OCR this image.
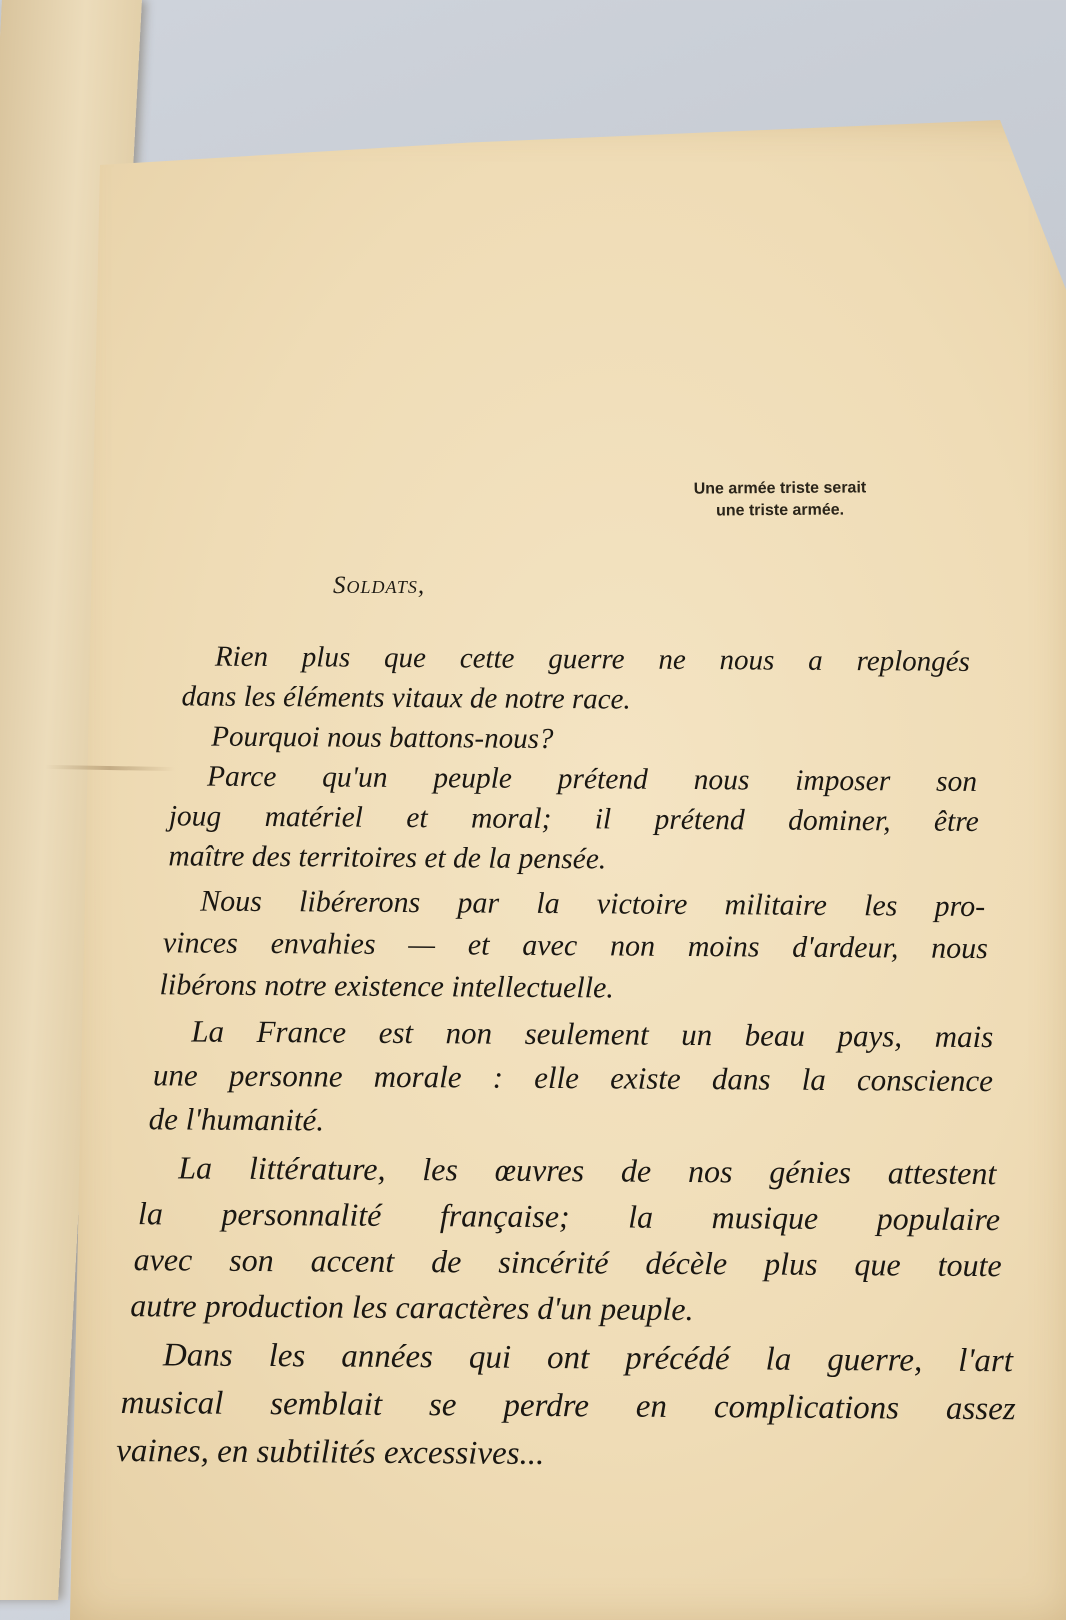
Une armée triste serait
une triste armée.
Soldats,
Rien plus que cette guerre ne nous a replongés
dans les éléments vitaux de notre race.
Pourquoi nous battons-nous?
Parce qu'un peuple prétend nous imposer son
joug matériel et moral; il prétend dominer, être
maître des territoires et de la pensée.
Nous libérerons par la victoire militaire les pro-
vinces envahies — et avec non moins d'ardeur, nous
libérons notre existence intellectuelle.
La France est non seulement un beau pays, mais
une personne morale : elle existe dans la conscience
de l'humanité.
La littérature, les œuvres de nos génies attestent
la personnalité française; la musique populaire
avec son accent de sincérité décèle plus que toute
autre production les caractères d'un peuple.
Dans les années qui ont précédé la guerre, l'art
musical semblait se perdre en complications assez
vaines, en subtilités excessives...
